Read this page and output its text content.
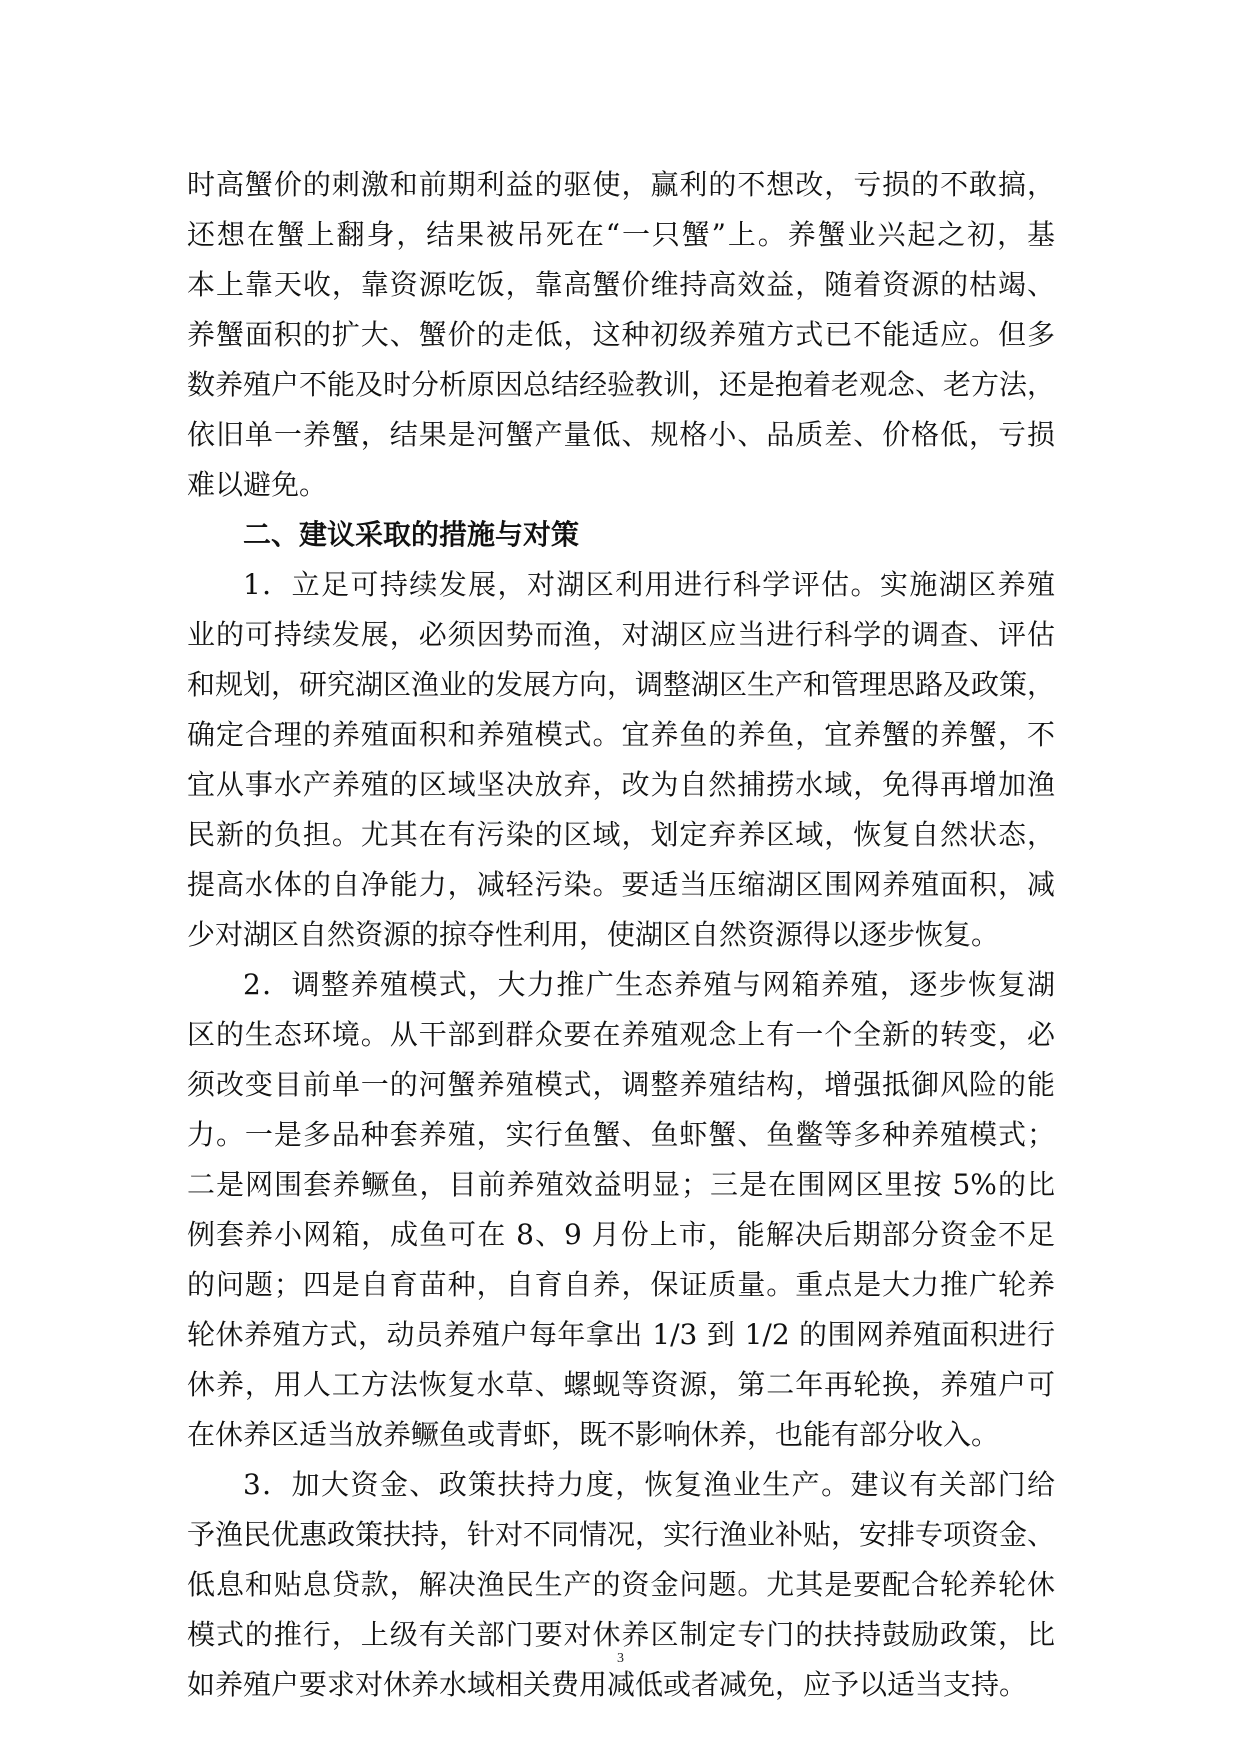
时高蟹价的刺激和前期利益的驱使，赢利的不想改，亏损的不敢搞，
还想在蟹上翻身，结果被吊死在“一只蟹”上。养蟹业兴起之初，基
本上靠天收，靠资源吃饭，靠高蟹价维持高效益，随着资源的枯竭、
养蟹面积的扩大、蟹价的走低，这种初级养殖方式已不能适应。但多
数养殖户不能及时分析原因总结经验教训，还是抱着老观念、老方法，
依旧单一养蟹，结果是河蟹产量低、规格小、品质差、价格低，亏损
难以避免。
二、建议采取的措施与对策
1．立足可持续发展，对湖区利用进行科学评估。实施湖区养殖
业的可持续发展，必须因势而渔，对湖区应当进行科学的调查、评估
和规划，研究湖区渔业的发展方向，调整湖区生产和管理思路及政策，
确定合理的养殖面积和养殖模式。宜养鱼的养鱼，宜养蟹的养蟹，不
宜从事水产养殖的区域坚决放弃，改为自然捕捞水域，免得再增加渔
民新的负担。尤其在有污染的区域，划定弃养区域，恢复自然状态，
提高水体的自净能力，减轻污染。要适当压缩湖区围网养殖面积，减
少对湖区自然资源的掠夺性利用，使湖区自然资源得以逐步恢复。
2．调整养殖模式，大力推广生态养殖与网箱养殖，逐步恢复湖
区的生态环境。从干部到群众要在养殖观念上有一个全新的转变，必
须改变目前单一的河蟹养殖模式，调整养殖结构，增强抵御风险的能
力。一是多品种套养殖，实行鱼蟹、鱼虾蟹、鱼鳖等多种养殖模式；
二是网围套养鳜鱼，目前养殖效益明显；三是在围网区里按 5%的比
例套养小网箱，成鱼可在 8、9 月份上市，能解决后期部分资金不足
的问题；四是自育苗种，自育自养，保证质量。重点是大力推广轮养
轮休养殖方式，动员养殖户每年拿出 1/3 到 1/2 的围网养殖面积进行
休养，用人工方法恢复水草、螺蚬等资源，第二年再轮换，养殖户可
在休养区适当放养鳜鱼或青虾，既不影响休养，也能有部分收入。
3．加大资金、政策扶持力度，恢复渔业生产。建议有关部门给
予渔民优惠政策扶持，针对不同情况，实行渔业补贴，安排专项资金、
低息和贴息贷款，解决渔民生产的资金问题。尤其是要配合轮养轮休
模式的推行，上级有关部门要对休养区制定专门的扶持鼓励政策，比
如养殖户要求对休养水域相关费用减低或者减免，应予以适当支持。
3
